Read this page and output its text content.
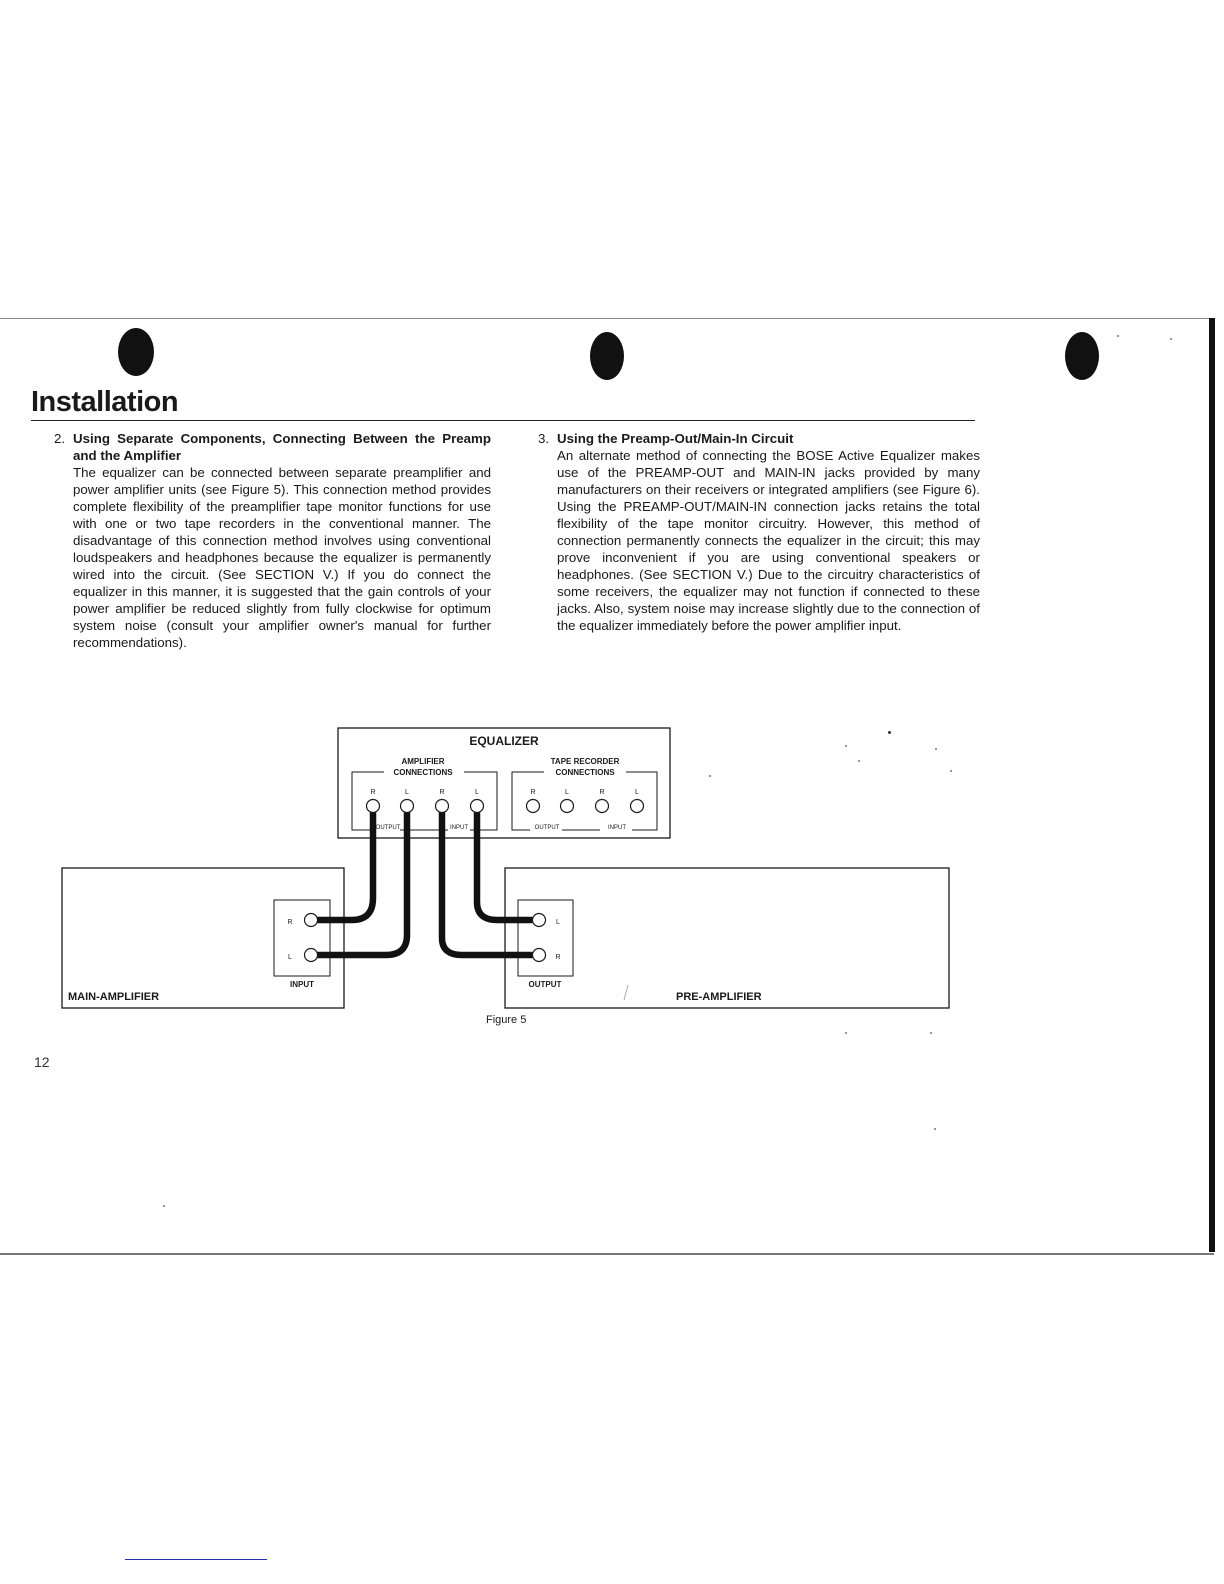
Installation
2. Using Separate Components, Connecting Between the Preamp and the Amplifier

The equalizer can be connected between separate preamplifier and power amplifier units (see Figure 5). This connection method provides complete flexibility of the preamplifier tape monitor functions for use with one or two tape recorders in the conventional manner. The disadvantage of this connection method involves using conventional loudspeakers and headphones because the equalizer is permanently wired into the circuit. (See SECTION V.) If you do connect the equalizer in this manner, it is suggested that the gain controls of your power amplifier be reduced slightly from fully clockwise for optimum system noise (consult your amplifier owner's manual for further recommendations).

3. Using the Preamp-Out/Main-In Circuit

An alternate method of connecting the BOSE Active Equalizer makes use of the PREAMP-OUT and MAIN-IN jacks provided by many manufacturers on their receivers or integrated amplifiers (see Figure 6). Using the PREAMP-OUT/MAIN-IN connection jacks retains the total flexibility of the tape monitor circuitry. However, this method of connection permanently connects the equalizer in the circuit; this may prove inconvenient if you are using conventional speakers or headphones. (See SECTION V.) Due to the circuitry characteristics of some receivers, the equalizer may not function if connected to these jacks. Also, system noise may increase slightly due to the connection of the equalizer immediately before the power amplifier input.

EQUALIZER
AMPLIFIER
CONNECTIONS
R	L	R	L
OUTPUT	INPUT
TAPE RECORDER
CONNECTIONS
R	L	R	L
OUTPUT	INPUT
R
L
INPUT
MAIN-AMPLIFIER
L
R
OUTPUT
PRE-AMPLIFIER
Figure 5
12
